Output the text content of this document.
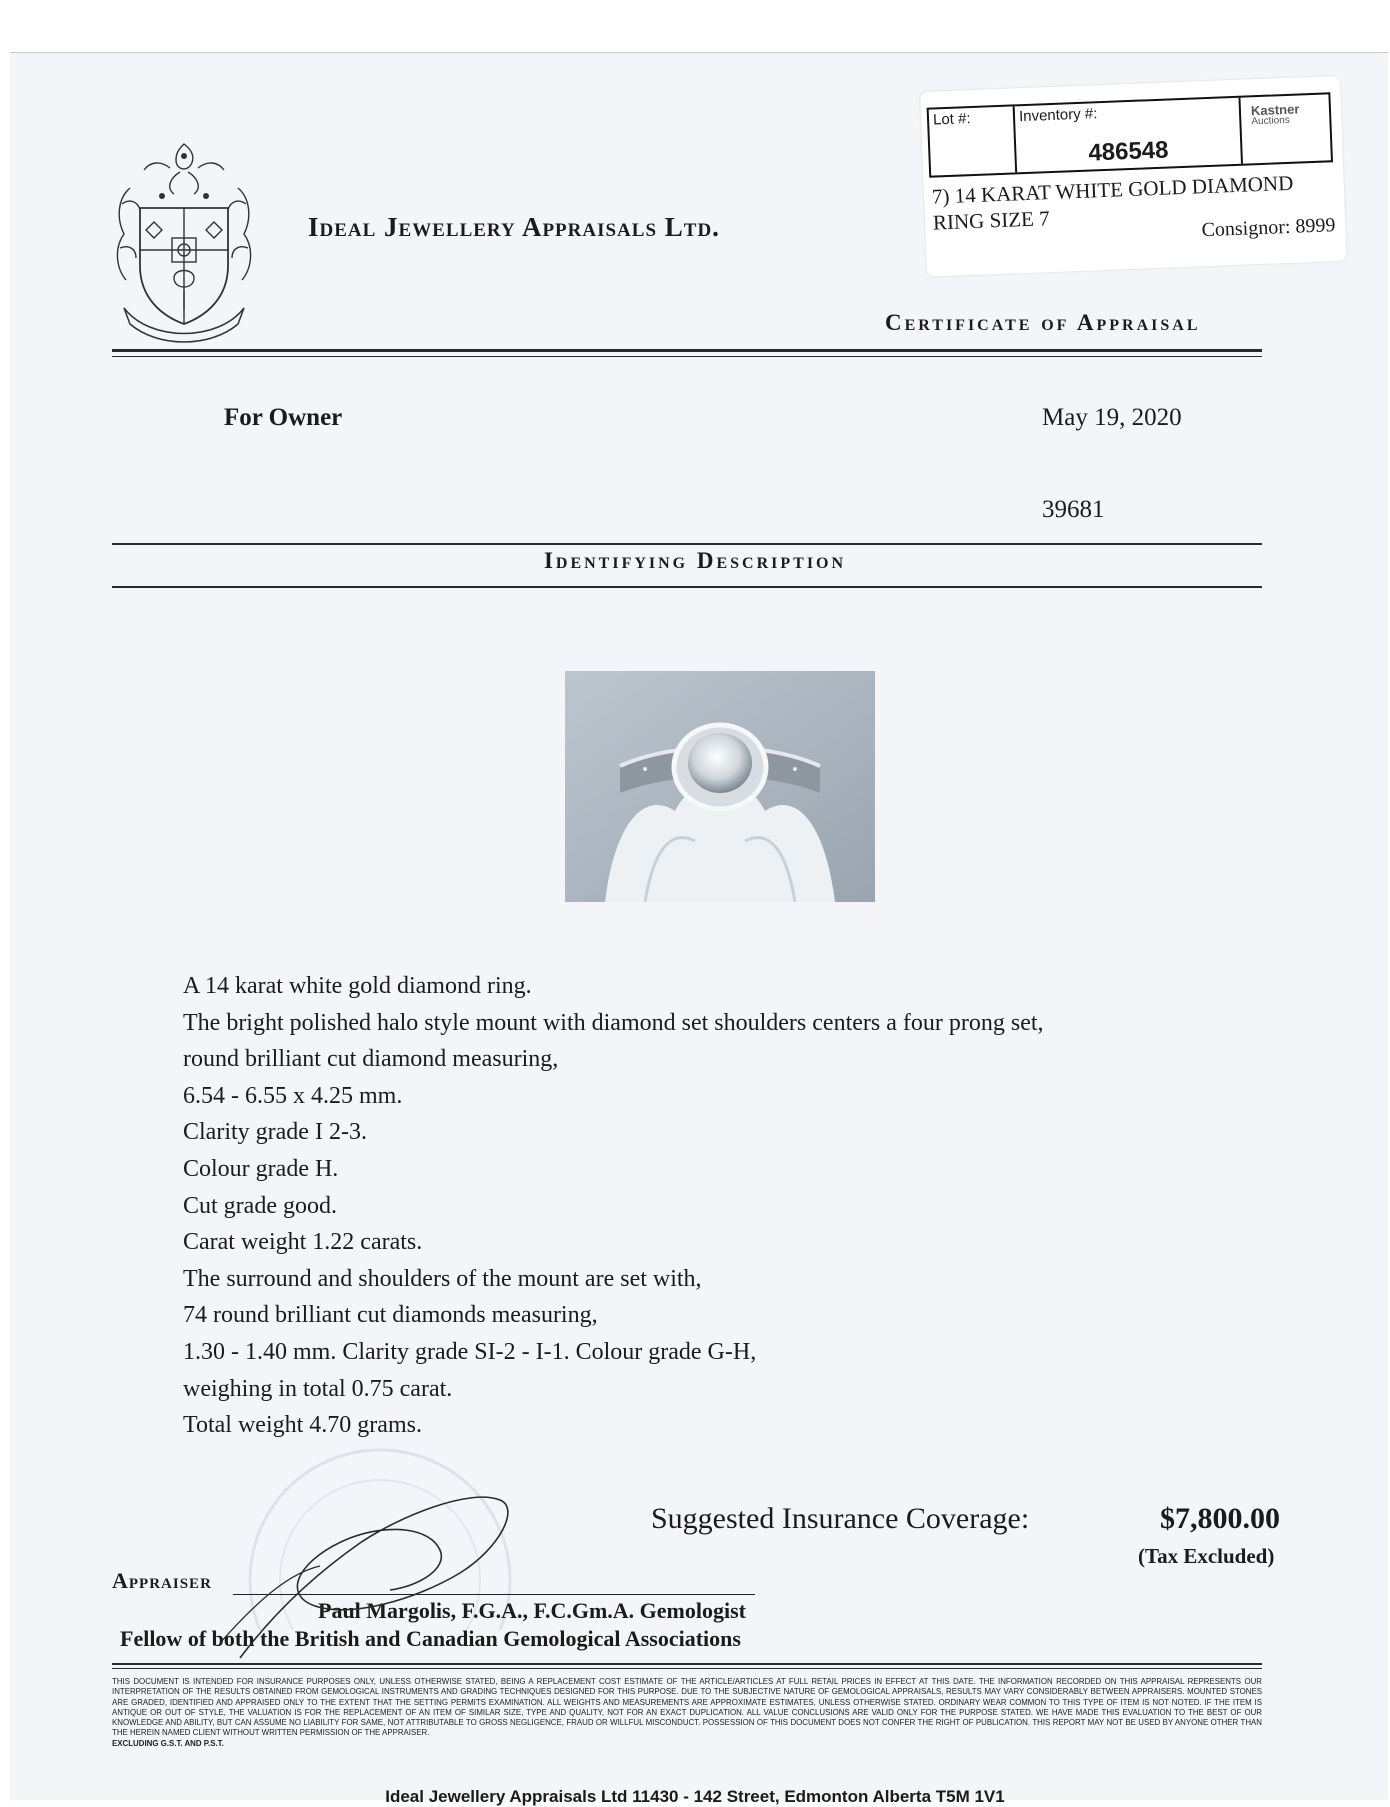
Ideal Jewellery Appraisals Ltd.
Lot #:	Inventory #:
486548
Kastner
Auctions
7) 14 KARAT WHITE GOLD DIAMOND RING SIZE 7	Consignor: 8999
Certificate of Appraisal
For Owner	May 19, 2020
39681
Identifying Description
A 14 karat white gold diamond ring.
The bright polished halo style mount with diamond set shoulders centers a four prong set,
round brilliant cut diamond measuring,
6.54 - 6.55 x 4.25 mm.
Clarity grade I 2-3.
Colour grade H.
Cut grade good.
Carat weight 1.22 carats.
The surround and shoulders of the mount are set with,
74 round brilliant cut diamonds measuring,
1.30 - 1.40 mm. Clarity grade SI-2 - I-1. Colour grade G-H,
weighing in total 0.75 carat.
Total weight 4.70 grams.
Suggested Insurance Coverage:	$7,800.00
(Tax Excluded)
Appraiser
Paul Margolis, F.G.A., F.C.Gm.A. Gemologist
Fellow of both the British and Canadian Gemological Associations
THIS DOCUMENT IS INTENDED FOR INSURANCE PURPOSES ONLY, UNLESS OTHERWISE STATED, BEING A REPLACEMENT COST ESTIMATE OF THE ARTICLE/ARTICLES AT FULL RETAIL PRICES IN EFFECT AT THIS DATE. THE INFORMATION RECORDED ON THIS APPRAISAL REPRESENTS OUR INTERPRETATION OF THE RESULTS OBTAINED FROM GEMOLOGICAL INSTRUMENTS AND GRADING TECHNIQUES DESIGNED FOR THIS PURPOSE. DUE TO THE SUBJECTIVE NATURE OF GEMOLOGICAL APPRAISALS, RESULTS MAY VARY CONSIDERABLY BETWEEN APPRAISERS. MOUNTED STONES ARE GRADED, IDENTIFIED AND APPRAISED ONLY TO THE EXTENT THAT THE SETTING PERMITS EXAMINATION. ALL WEIGHTS AND MEASUREMENTS ARE APPROXIMATE ESTIMATES, UNLESS OTHERWISE STATED. ORDINARY WEAR COMMON TO THIS TYPE OF ITEM IS NOT NOTED. IF THE ITEM IS ANTIQUE OR OUT OF STYLE, THE VALUATION IS FOR THE REPLACEMENT OF AN ITEM OF SIMILAR SIZE, TYPE AND QUALITY, NOT FOR AN EXACT DUPLICATION. ALL VALUE CONCLUSIONS ARE VALID ONLY FOR THE PURPOSE STATED. WE HAVE MADE THIS EVALUATION TO THE BEST OF OUR KNOWLEDGE AND ABILITY, BUT CAN ASSUME NO LIABILITY FOR SAME, NOT ATTRIBUTABLE TO GROSS NEGLIGENCE, FRAUD OR WILLFUL MISCONDUCT. POSSESSION OF THIS DOCUMENT DOES NOT CONFER THE RIGHT OF PUBLICATION. THIS REPORT MAY NOT BE USED BY ANYONE OTHER THAN THE HEREIN NAMED CLIENT WITHOUT WRITTEN PERMISSION OF THE APPRAISER.
EXCLUDING G.S.T. AND P.S.T.
Ideal Jewellery Appraisals Ltd 11430 - 142 Street, Edmonton Alberta T5M 1V1
